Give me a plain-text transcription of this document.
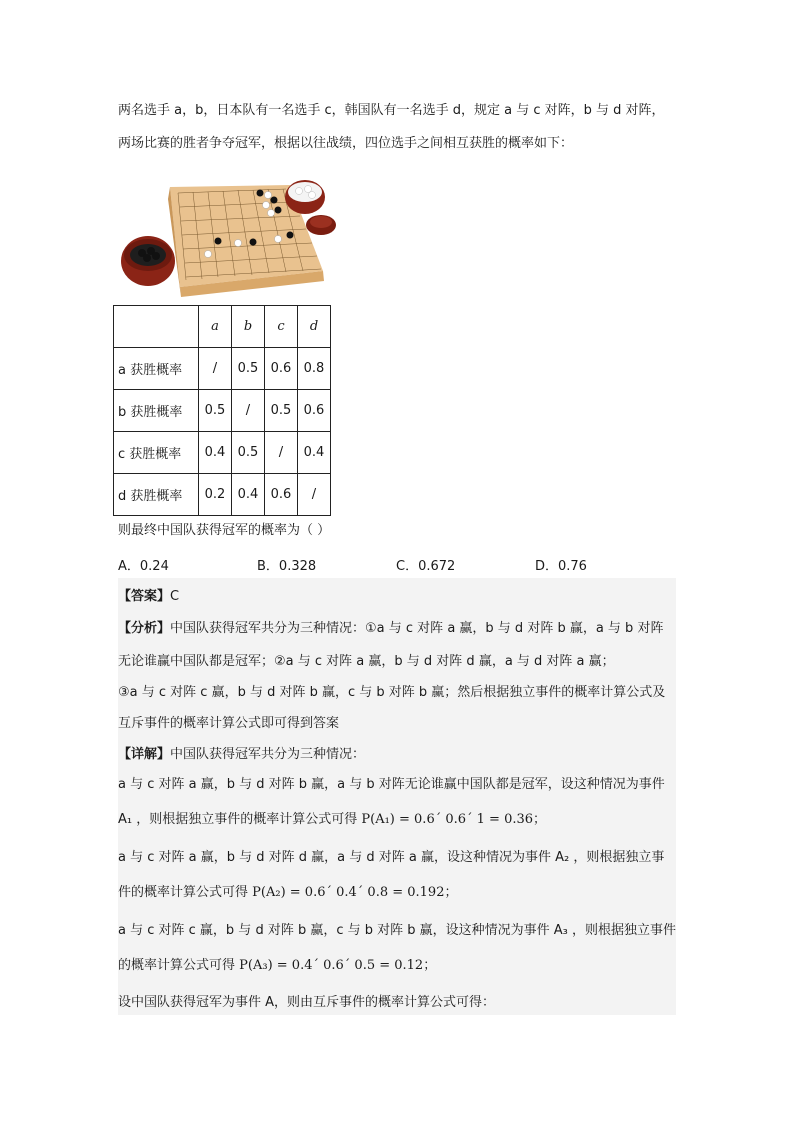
两名选手 a，b，日本队有一名选手 c，韩国队有一名选手 d，规定 a 与 c 对阵，b 与 d 对阵，
两场比赛的胜者争夺冠军，根据以往战绩，四位选手之间相互获胜的概率如下：
	a	b	c	d
a 获胜概率	/	0.5	0.6	0.8
b 获胜概率	0.5	/	0.5	0.6
c 获胜概率	0.4	0.5	/	0.4
d 获胜概率	0.2	0.4	0.6	/
则最终中国队获得冠军的概率为（ ）
A．0.24	B．0.328	C．0.672	D．0.76
【答案】C
【分析】中国队获得冠军共分为三种情况：①a 与 c 对阵 a 赢，b 与 d 对阵 b 赢，a 与 b 对阵
无论谁赢中国队都是冠军；②a 与 c 对阵 a 赢，b 与 d 对阵 d 赢，a 与 d 对阵 a 赢；
③a 与 c 对阵 c 赢，b 与 d 对阵 b 赢，c 与 b 对阵 b 赢；然后根据独立事件的概率计算公式及
互斥事件的概率计算公式即可得到答案
【详解】中国队获得冠军共分为三种情况：
a 与 c 对阵 a 赢，b 与 d 对阵 b 赢，a 与 b 对阵无论谁赢中国队都是冠军，设这种情况为事件
A₁ ，则根据独立事件的概率计算公式可得 P(A₁) = 0.6´ 0.6´ 1 = 0.36；
a 与 c 对阵 a 赢，b 与 d 对阵 d 赢，a 与 d 对阵 a 赢，设这种情况为事件 A₂ ，则根据独立事
件的概率计算公式可得 P(A₂) = 0.6´ 0.4´ 0.8 = 0.192；
a 与 c 对阵 c 赢，b 与 d 对阵 b 赢，c 与 b 对阵 b 赢，设这种情况为事件 A₃ ，则根据独立事件
的概率计算公式可得 P(A₃) = 0.4´ 0.6´ 0.5 = 0.12；
设中国队获得冠军为事件 A，则由互斥事件的概率计算公式可得：
